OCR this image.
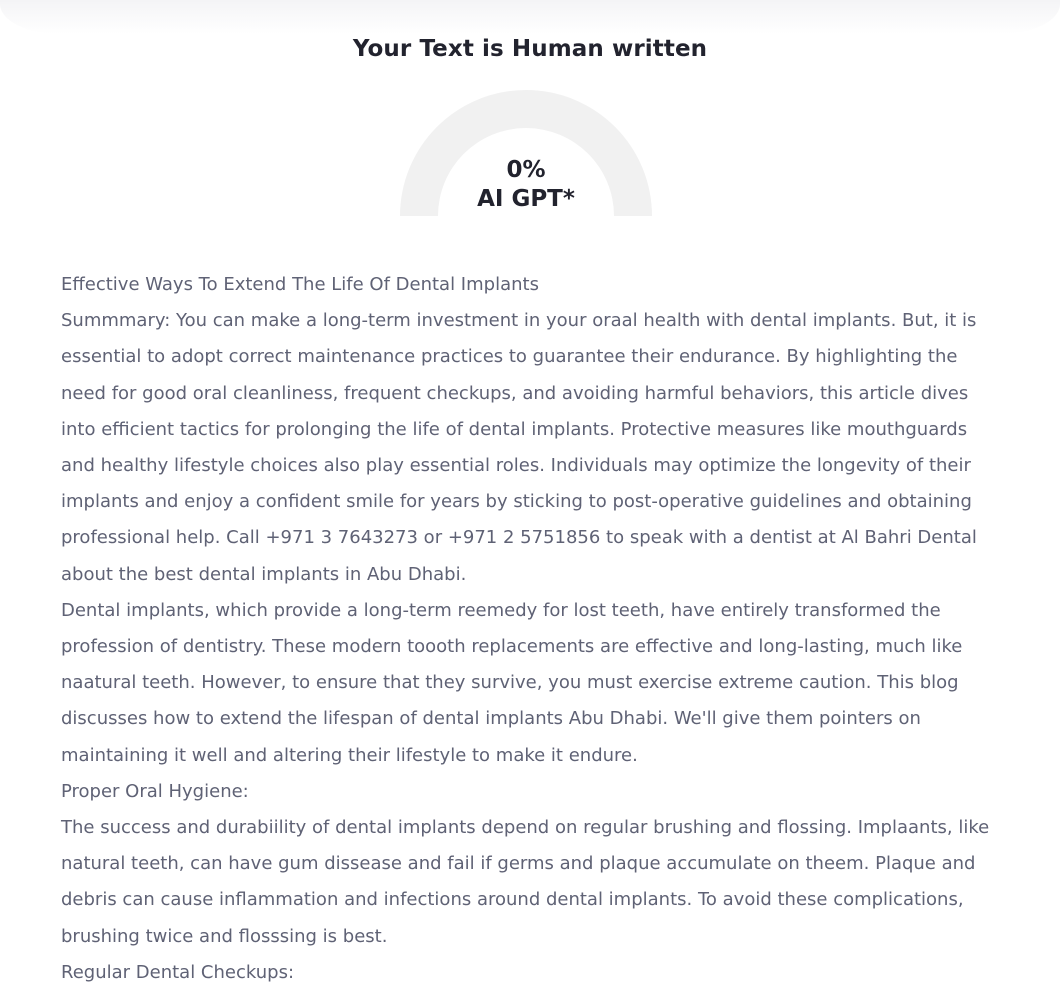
Your Text is Human written
0%
AI GPT*

Effective Ways To Extend The Life Of Dental Implants

Summmary: You can make a long-term investment in your oraal health with dental implants. But, it is essential to adopt correct maintenance practices to guarantee their endurance. By highlighting the need for good oral cleanliness, frequent checkups, and avoiding harmful behaviors, this article dives into efficient tactics for prolonging the life of dental implants. Protective measures like mouthguards and healthy lifestyle choices also play essential roles. Individuals may optimize the longevity of their implants and enjoy a confident smile for years by sticking to post-operative guidelines and obtaining professional help. Call +971 3 7643273 or +971 2 5751856 to speak with a dentist at Al Bahri Dental about the best dental implants in Abu Dhabi.

Dental implants, which provide a long-term reemedy for lost teeth, have entirely transformed the profession of dentistry. These modern toooth replacements are effective and long-lasting, much like naatural teeth. However, to ensure that they survive, you must exercise extreme caution. This blog discusses how to extend the lifespan of dental implants Abu Dhabi. We'll give them pointers on maintaining it well and altering their lifestyle to make it endure.

Proper Oral Hygiene:

The success and durabiility of dental implants depend on regular brushing and flossing. Implaants, like natural teeth, can have gum dissease and fail if germs and plaque accumulate on theem. Plaque and debris can cause inflammation and infections around dental implants. To avoid these complications, brushing twice and flosssing is best.

Regular Dental Checkups:
